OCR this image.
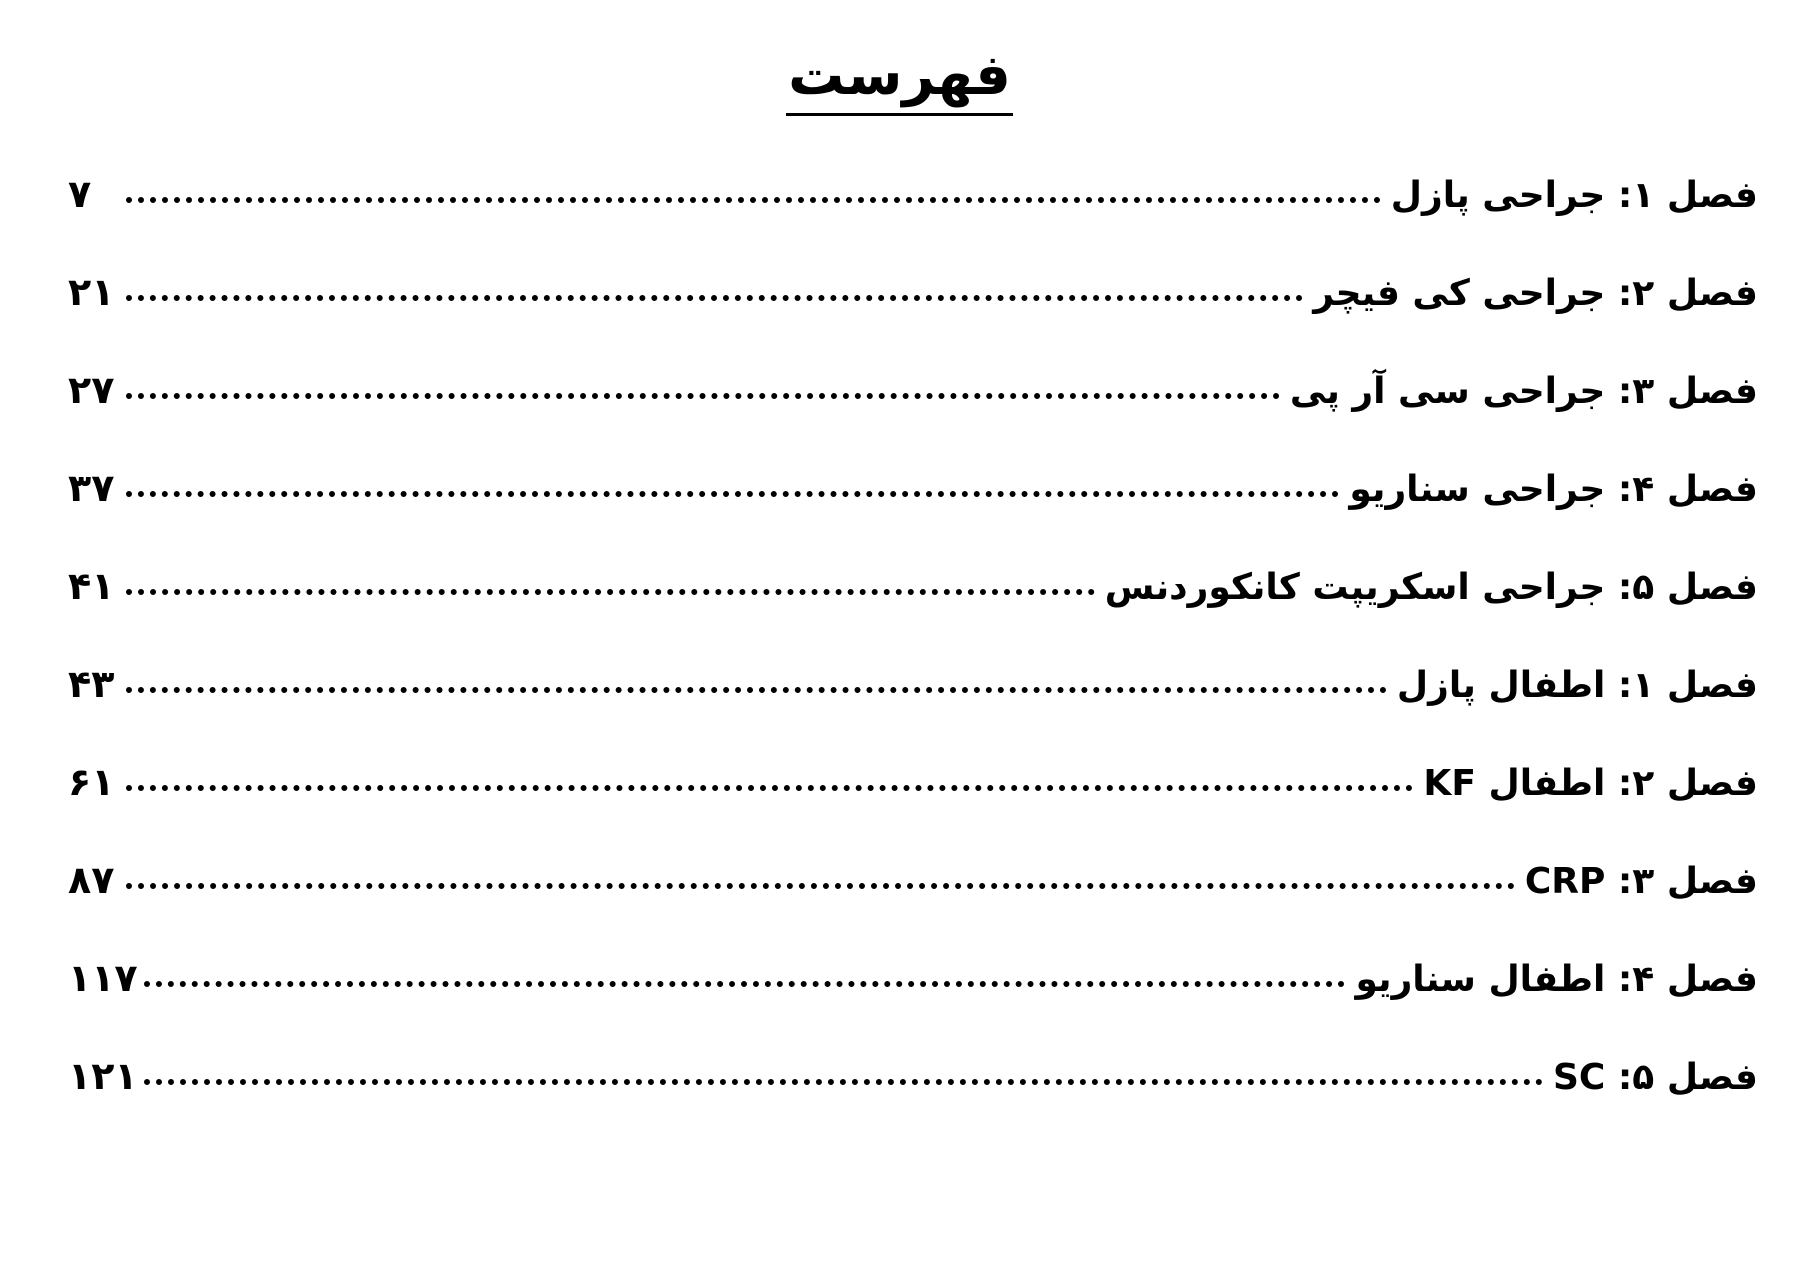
فهرست
فصل ۱: جراحی پازل
۷
فصل ۲: جراحی کی فیچر
۲۱
فصل ۳: جراحی سی آر پی
۲۷
فصل ۴: جراحی سناریو
۳۷
فصل ۵: جراحی اسکریپت کانکوردنس
۴۱
فصل ۱: اطفال پازل
۴۳
فصل ۲: اطفال KF
۶۱
فصل ۳: CRP
۸۷
فصل ۴: اطفال سناریو
۱۱۷
فصل ۵: SC
۱۲۱
